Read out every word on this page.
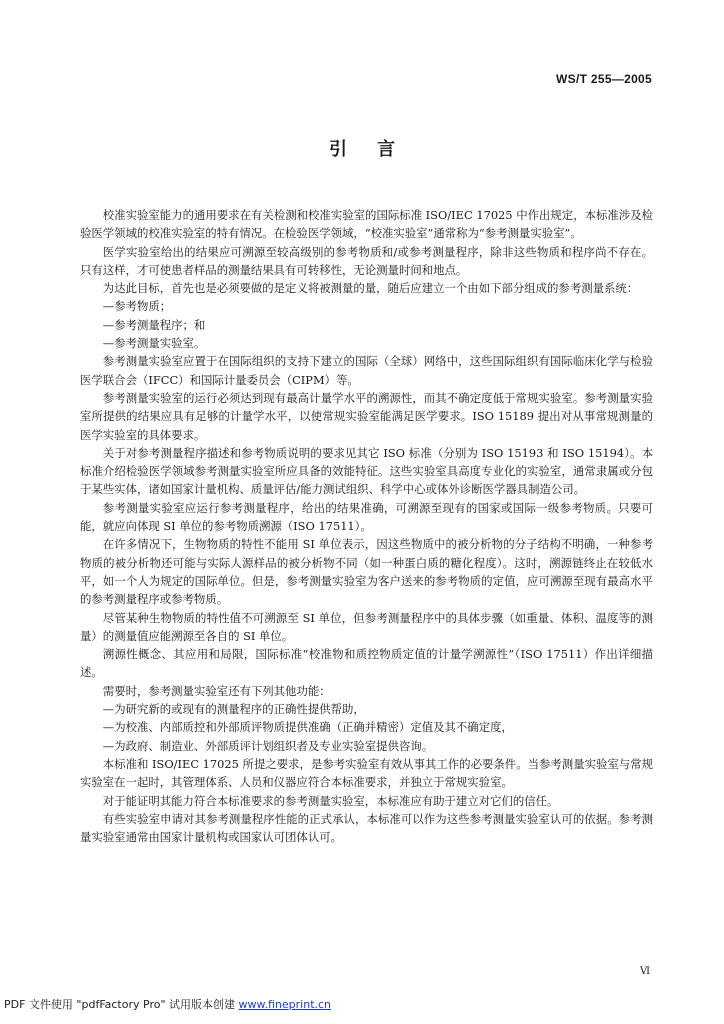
WS/T 255—2005
引言

校准实验室能力的通用要求在有关检测和校准实验室的国际标准 ISO/IEC 17025 中作出规定，本标准涉及检验医学领域的校准实验室的特有情况。在检验医学领域，“校准实验室”通常称为“参考测量实验室”。

医学实验室给出的结果应可溯源至较高级别的参考物质和/或参考测量程序，除非这些物质和程序尚不存在。只有这样，才可使患者样品的测量结果具有可转移性，无论测量时间和地点。

为达此目标，首先也是必须要做的是定义将被测量的量，随后应建立一个由如下部分组成的参考测量系统：

—参考物质；

—参考测量程序；和

—参考测量实验室。

参考测量实验室应置于在国际组织的支持下建立的国际（全球）网络中，这些国际组织有国际临床化学与检验医学联合会（IFCC）和国际计量委员会（CIPM）等。

参考测量实验室的运行必须达到现有最高计量学水平的溯源性，而其不确定度低于常规实验室。参考测量实验室所提供的结果应具有足够的计量学水平，以使常规实验室能满足医学要求。ISO 15189 提出对从事常规测量的医学实验室的具体要求。

关于对参考测量程序描述和参考物质说明的要求见其它 ISO 标准（分别为 ISO 15193 和 ISO 15194）。本标准介绍检验医学领域参考测量实验室所应具备的效能特征。这些实验室具高度专业化的实验室，通常隶属或分包于某些实体，诸如国家计量机构、质量评估/能力测试组织、科学中心或体外诊断医学器具制造公司。

参考测量实验室应运行参考测量程序，给出的结果准确，可溯源至现有的国家或国际一级参考物质。只要可能，就应向体现 SI 单位的参考物质溯源（ISO 17511）。

在许多情况下，生物物质的特性不能用 SI 单位表示，因这些物质中的被分析物的分子结构不明确，一种参考物质的被分析物还可能与实际人源样品的被分析物不同（如一种蛋白质的糖化程度）。这时，溯源链终止在较低水平，如一个人为规定的国际单位。但是，参考测量实验室为客户送来的参考物质的定值，应可溯源至现有最高水平的参考测量程序或参考物质。

尽管某种生物物质的特性值不可溯源至 SI 单位，但参考测量程序中的具体步骤（如重量、体积、温度等的测量）的测量值应能溯源至各自的 SI 单位。

溯源性概念、其应用和局限，国际标准“校准物和质控物质定值的计量学溯源性”（ISO 17511）作出详细描述。

需要时，参考测量实验室还有下列其他功能：

—为研究新的或现有的测量程序的正确性提供帮助，

—为校准、内部质控和外部质评物质提供准确（正确并精密）定值及其不确定度，

—为政府、制造业、外部质评计划组织者及专业实验室提供咨询。

本标准和 ISO/IEC 17025 所提之要求，是参考实验室有效从事其工作的必要条件。当参考测量实验室与常规实验室在一起时，其管理体系、人员和仪器应符合本标准要求，并独立于常规实验室。

对于能证明其能力符合本标准要求的参考测量实验室，本标准应有助于建立对它们的信任。

有些实验室申请对其参考测量程序性能的正式承认，本标准可以作为这些参考测量实验室认可的依据。参考测量实验室通常由国家计量机构或国家认可团体认可。

Ⅵ
PDF 文件使用 "pdfFactory Pro" 试用版本创建 www.fineprint.cn
